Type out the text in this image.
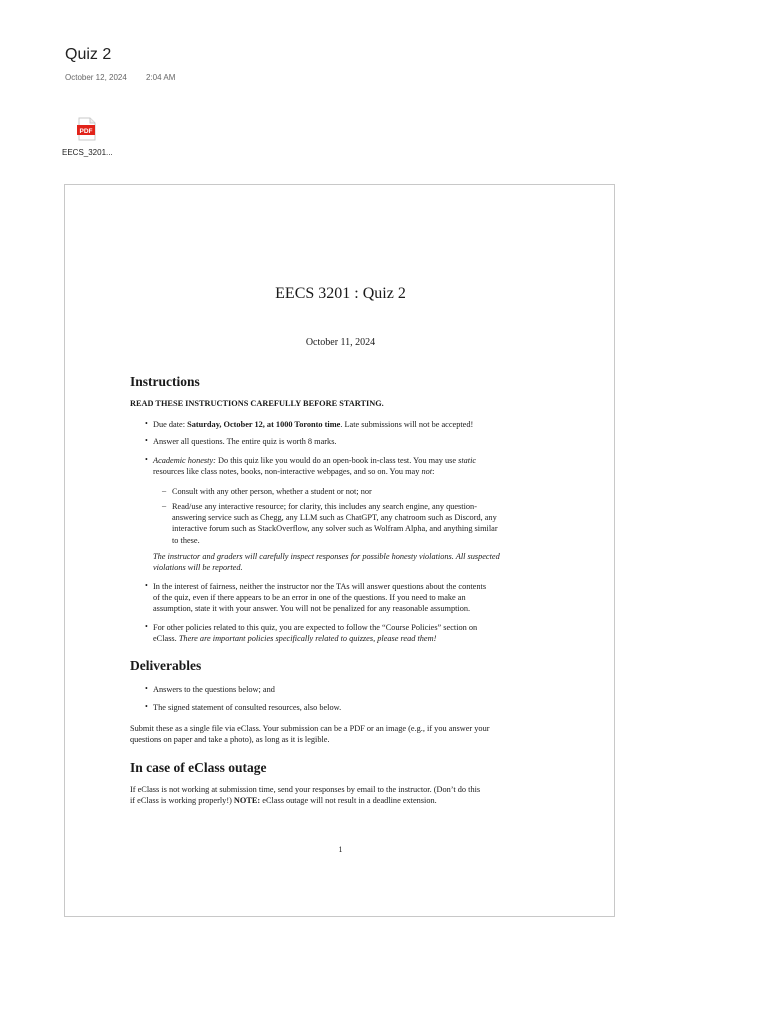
Quiz 2
October 12, 2024 2:04 AM
PDF
EECS_3201...
EECS 3201 : Quiz 2
October 11, 2024
Instructions
READ THESE INSTRUCTIONS CAREFULLY BEFORE STARTING.
• Due date: Saturday, October 12, at 1000 Toronto time. Late submissions will not be accepted!
• Answer all questions. The entire quiz is worth 8 marks.
• Academic honesty: Do this quiz like you would do an open-book in-class test. You may use static
resources like class notes, books, non-interactive webpages, and so on. You may not:
– Consult with any other person, whether a student or not; nor
– Read/use any interactive resource; for clarity, this includes any search engine, any question-
answering service such as Chegg, any LLM such as ChatGPT, any chatroom such as Discord, any
interactive forum such as StackOverflow, any solver such as Wolfram Alpha, and anything similar
to these.
The instructor and graders will carefully inspect responses for possible honesty violations. All suspected
violations will be reported.
• In the interest of fairness, neither the instructor nor the TAs will answer questions about the contents
of the quiz, even if there appears to be an error in one of the questions. If you need to make an
assumption, state it with your answer. You will not be penalized for any reasonable assumption.
• For other policies related to this quiz, you are expected to follow the “Course Policies” section on
eClass. There are important policies specifically related to quizzes, please read them!
Deliverables
• Answers to the questions below; and
• The signed statement of consulted resources, also below.
Submit these as a single file via eClass. Your submission can be a PDF or an image (e.g., if you answer your
questions on paper and take a photo), as long as it is legible.
In case of eClass outage
If eClass is not working at submission time, send your responses by email to the instructor. (Don’t do this
if eClass is working properly!) NOTE: eClass outage will not result in a deadline extension.
1
